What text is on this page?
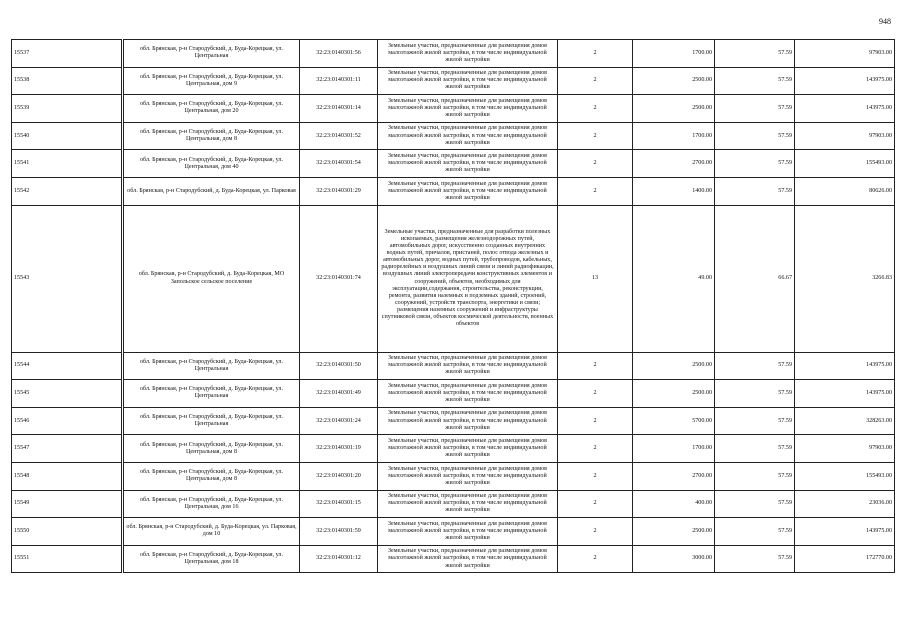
948
15537		обл. Брянская, р-н Стародубский, д. Буда-Корецкая, ул. Центральная	32:23:0140301:56	Земельные участки, предназначенные для размещения домов малоэтажной жилой застройки, в том числе индивидуальной жилой застройки	2	1700.00	57.59	97903.00
15538		обл. Брянская, р-н Стародубский, д. Буда-Корецкая, ул. Центральная, дом 9	32:23:0140301:11	Земельные участки, предназначенные для размещения домов малоэтажной жилой застройки, в том числе индивидуальной жилой застройки	2	2500.00	57.59	143975.00
15539		обл. Брянская, р-н Стародубский, д. Буда-Корецкая, ул. Центральная, дом 20	32:23:0140301:14	Земельные участки, предназначенные для размещения домов малоэтажной жилой застройки, в том числе индивидуальной жилой застройки	2	2500.00	57.59	143975.00
15540		обл. Брянская, р-н Стародубский, д. Буда-Корецкая, ул. Центральная, дом 8	32:23:0140301:52	Земельные участки, предназначенные для размещения домов малоэтажной жилой застройки, в том числе индивидуальной жилой застройки	2	1700.00	57.59	97903.00
15541		обл. Брянская, р-н Стародубский, д. Буда-Корецкая, ул. Центральная, дом 40	32:23:0140301:54	Земельные участки, предназначенные для размещения домов малоэтажной жилой застройки, в том числе индивидуальной жилой застройки	2	2700.00	57.59	155493.00
15542		обл. Брянская, р-н Стародубский, д. Буда-Корецкая, ул. Парковая	32:23:0140301:29	Земельные участки, предназначенные для размещения домов малоэтажной жилой застройки, в том числе индивидуальной жилой застройки	2	1400.00	57.59	80626.00
15543		обл. Брянская, р-н Стародубский, д. Буда-Корецкая, МО Запольское сельское поселение	32:23:0140301:74	Земельные участки, предназначенные для разработки полезных ископаемых, размещения железнодорожных путей, автомобильных дорог, искусственно созданных внутренних водных путей, причалов, пристаней, полос отвода железных и автомобильных дорог, водных путей, трубопроводов, кабельных, радиорелейных и воздушных линий связи и линий радиофикации, воздушных линий электропередачи конструктивных элементов и сооружений, объектов, необходимых для эксплуатации,содержания, строительства, реконструкции, ремонта, развития наземных и подземных зданий, строений, сооружений, устройств транспорта, энергетики и связи; размещения наземных сооружений и инфраструктуры спутниковой связи, объектов космической деятельности, военных объектов	13	49.00	66.67	3266.83
15544		обл. Брянская, р-н Стародубский, д. Буда-Корецкая, ул. Центральная	32:23:0140301:50	Земельные участки, предназначенные для размещения домов малоэтажной жилой застройки, в том числе индивидуальной жилой застройки	2	2500.00	57.59	143975.00
15545		обл. Брянская, р-н Стародубский, д. Буда-Корецкая, ул. Центральная	32:23:0140301:49	Земельные участки, предназначенные для размещения домов малоэтажной жилой застройки, в том числе индивидуальной жилой застройки	2	2500.00	57.59	143975.00
15546		обл. Брянская, р-н Стародубский, д. Буда-Корецкая, ул. Центральная	32:23:0140301:24	Земельные участки, предназначенные для размещения домов малоэтажной жилой застройки, в том числе индивидуальной жилой застройки	2	5700.00	57.59	328263.00
15547		обл. Брянская, р-н Стародубский, д. Буда-Корецкая, ул. Центральная, дом 8	32:23:0140301:19	Земельные участки, предназначенные для размещения домов малоэтажной жилой застройки, в том числе индивидуальной жилой застройки	2	1700.00	57.59	97903.00
15548		обл. Брянская, р-н Стародубский, д. Буда-Корецкая, ул. Центральная, дом 8	32:23:0140301:20	Земельные участки, предназначенные для размещения домов малоэтажной жилой застройки, в том числе индивидуальной жилой застройки	2	2700.00	57.59	155493.00
15549		обл. Брянская, р-н Стародубский, д. Буда-Корецкая, ул. Центральная, дом 16	32:23:0140301:15	Земельные участки, предназначенные для размещения домов малоэтажной жилой застройки, в том числе индивидуальной жилой застройки	2	400.00	57.59	23036.00
15550		обл. Брянская, р-н Стародубский, д. Буда-Корецкая, ул. Парковая, дом 10	32:23:0140301:59	Земельные участки, предназначенные для размещения домов малоэтажной жилой застройки, в том числе индивидуальной жилой застройки	2	2500.00	57.59	143975.00
15551		обл. Брянская, р-н Стародубский, д. Буда-Корецкая, ул. Центральная, дом 18	32:23:0140301:12	Земельные участки, предназначенные для размещения домов малоэтажной жилой застройки, в том числе индивидуальной жилой застройки	2	3000.00	57.59	172770.00
